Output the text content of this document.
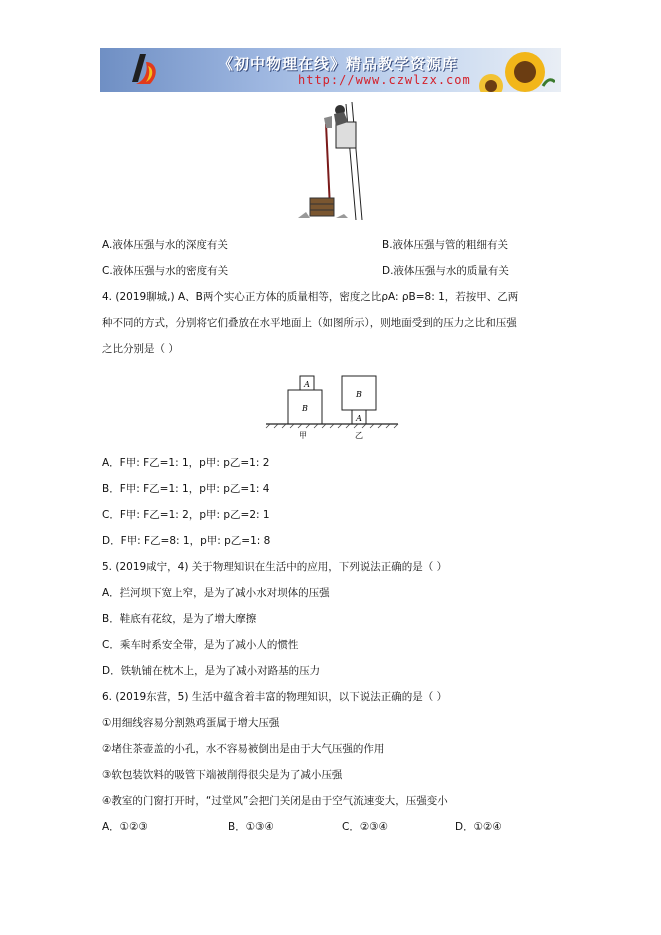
《初中物理在线》精品教学资源库
http://www.czwlzx.com
A.液体压强与水的深度有关	B.液体压强与管的粗细有关
C.液体压强与水的密度有关	D.液体压强与水的质量有关
4. (2019聊城,) A、B两个实心正方体的质量相等，密度之比ρA: ρB=8: 1，若按甲、乙两
种不同的方式，分别将它们叠放在水平地面上（如图所示），则地面受到的压力之比和压强
之比分别是（ ）
A
B
B
A
甲	乙
A．F甲: F乙=1: 1，p甲: p乙=1: 2
B．F甲: F乙=1: 1，p甲: p乙=1: 4
C．F甲: F乙=1: 2，p甲: p乙=2: 1
D．F甲: F乙=8: 1，p甲: p乙=1: 8
5. (2019咸宁，4) 关于物理知识在生活中的应用，下列说法正确的是（ ）
A．拦河坝下宽上窄，是为了减小水对坝体的压强
B．鞋底有花纹，是为了增大摩擦
C．乘车时系安全带，是为了减小人的惯性
D．铁轨铺在枕木上，是为了减小对路基的压力
6. (2019东营，5) 生活中蕴含着丰富的物理知识，以下说法正确的是（ ）
①用细线容易分割熟鸡蛋属于增大压强
②堵住茶壶盖的小孔，水不容易被倒出是由于大气压强的作用
③软包装饮料的吸管下端被削得很尖是为了减小压强
④教室的门窗打开时，“过堂风”会把门关闭是由于空气流速变大，压强变小
A．①②③	B．①③④	C．②③④	D．①②④
